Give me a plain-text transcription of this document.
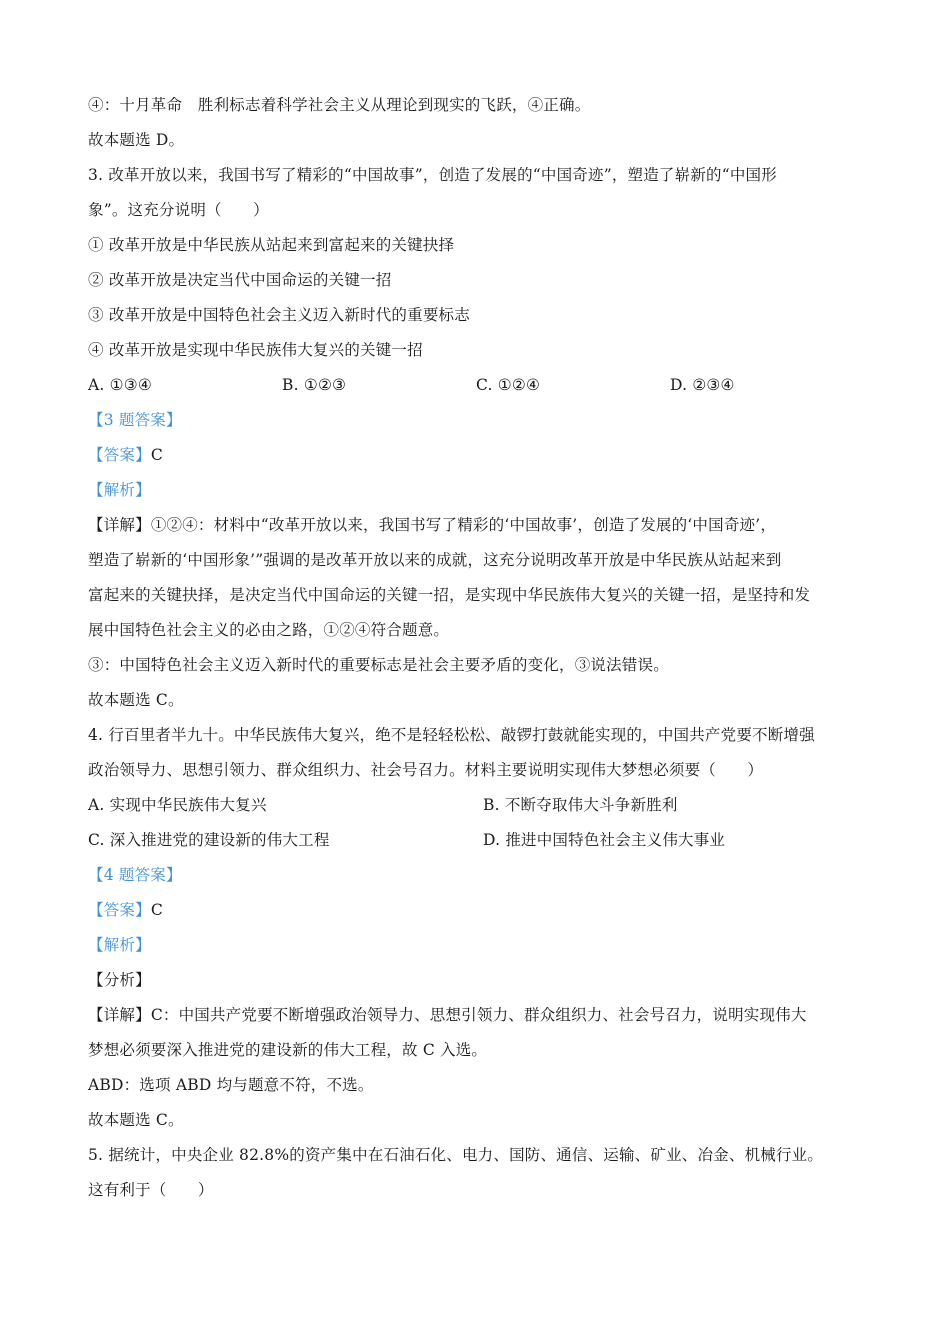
④：十月革命　胜利标志着科学社会主义从理论到现实的飞跃，④正确。
故本题选 D。
3. 改革开放以来，我国书写了精彩的“中国故事”，创造了发展的“中国奇迹”，塑造了崭新的“中国形
象”。这充分说明（　　）
① 改革开放是中华民族从站起来到富起来的关键抉择
② 改革开放是决定当代中国命运的关键一招
③ 改革开放是中国特色社会主义迈入新时代的重要标志
④ 改革开放是实现中华民族伟大复兴的关键一招
A. ①③④	B. ①②③	C. ①②④	D. ②③④
【3 题答案】
【答案】C
【解析】
【详解】①②④：材料中“改革开放以来，我国书写了精彩的‘中国故事’，创造了发展的‘中国奇迹’，
塑造了崭新的‘中国形象’”强调的是改革开放以来的成就，这充分说明改革开放是中华民族从站起来到
富起来的关键抉择，是决定当代中国命运的关键一招，是实现中华民族伟大复兴的关键一招，是坚持和发
展中国特色社会主义的必由之路，①②④符合题意。
③：中国特色社会主义迈入新时代的重要标志是社会主要矛盾的变化，③说法错误。
故本题选 C。
4. 行百里者半九十。中华民族伟大复兴，绝不是轻轻松松、敲锣打鼓就能实现的，中国共产党要不断增强
政治领导力、思想引领力、群众组织力、社会号召力。材料主要说明实现伟大梦想必须要（　　）
A. 实现中华民族伟大复兴	B. 不断夺取伟大斗争新胜利
C. 深入推进党的建设新的伟大工程	D. 推进中国特色社会主义伟大事业
【4 题答案】
【答案】C
【解析】
【分析】
【详解】C：中国共产党要不断增强政治领导力、思想引领力、群众组织力、社会号召力，说明实现伟大
梦想必须要深入推进党的建设新的伟大工程，故 C 入选。
ABD：选项 ABD 均与题意不符，不选。
故本题选 C。
5. 据统计，中央企业 82.8%的资产集中在石油石化、电力、国防、通信、运输、矿业、冶金、机械行业。
这有利于（　　）
